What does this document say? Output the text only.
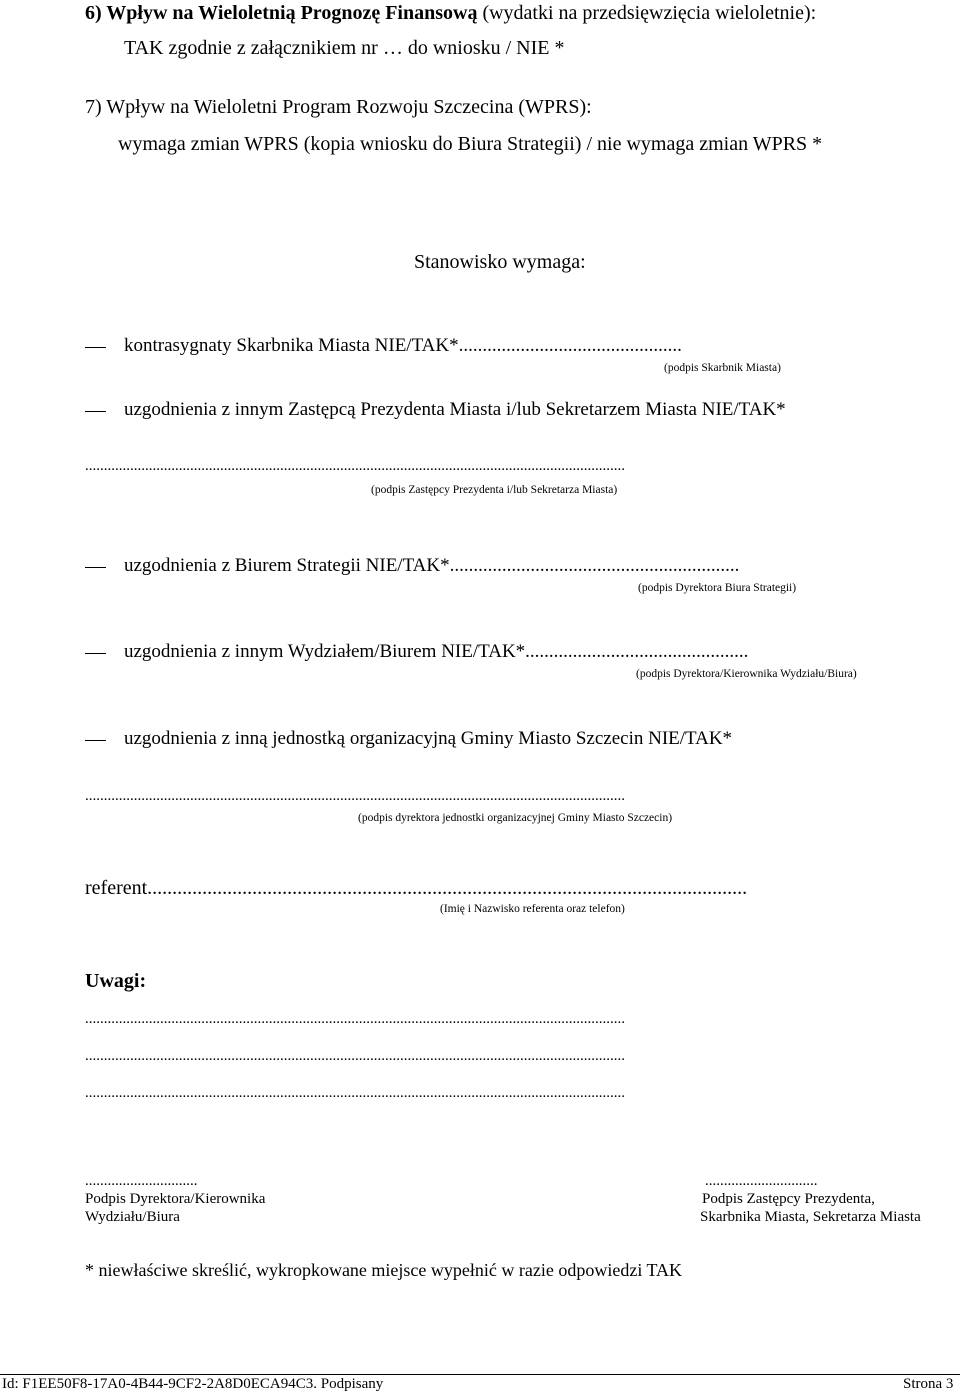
6) Wpływ na Wieloletnią Prognozę Finansową (wydatki na przedsięwzięcia wieloletnie):
TAK zgodnie z załącznikiem nr … do wniosku / NIE *
7) Wpływ na Wieloletni Program Rozwoju Szczecina (WPRS):
wymaga zmian WPRS (kopia wniosku do Biura Strategii) / nie wymaga zmian WPRS *
Stanowisko wymaga:
kontrasygnaty Skarbnika Miasta NIE/TAK*...............................................
(podpis Skarbnik Miasta)
uzgodnienia z innym Zastępcą Prezydenta Miasta i/lub Sekretarzem Miasta NIE/TAK*
................................................................................................................................................
(podpis Zastępcy Prezydenta i/lub Sekretarza Miasta)
uzgodnienia z Biurem Strategii NIE/TAK*.............................................................
(podpis Dyrektora Biura Strategii)
uzgodnienia z innym Wydziałem/Biurem NIE/TAK*...............................................
(podpis Dyrektora/Kierownika Wydziału/Biura)
uzgodnienia z inną jednostką organizacyjną Gminy Miasto Szczecin NIE/TAK*
................................................................................................................................................
(podpis dyrektora jednostki organizacyjnej Gminy Miasto Szczecin)
referent........................................................................................................................
(Imię i Nazwisko referenta oraz telefon)
Uwagi:
................................................................................................................................................
................................................................................................................................................
................................................................................................................................................
..............................
Podpis Dyrektora/Kierownika
Wydziału/Biura
..............................
Podpis Zastępcy Prezydenta,
Skarbnika Miasta, Sekretarza Miasta
* niewłaściwe skreślić, wykropkowane miejsce wypełnić w razie odpowiedzi TAK
Id: F1EE50F8-17A0-4B44-9CF2-2A8D0ECA94C3. Podpisany	Strona 3
